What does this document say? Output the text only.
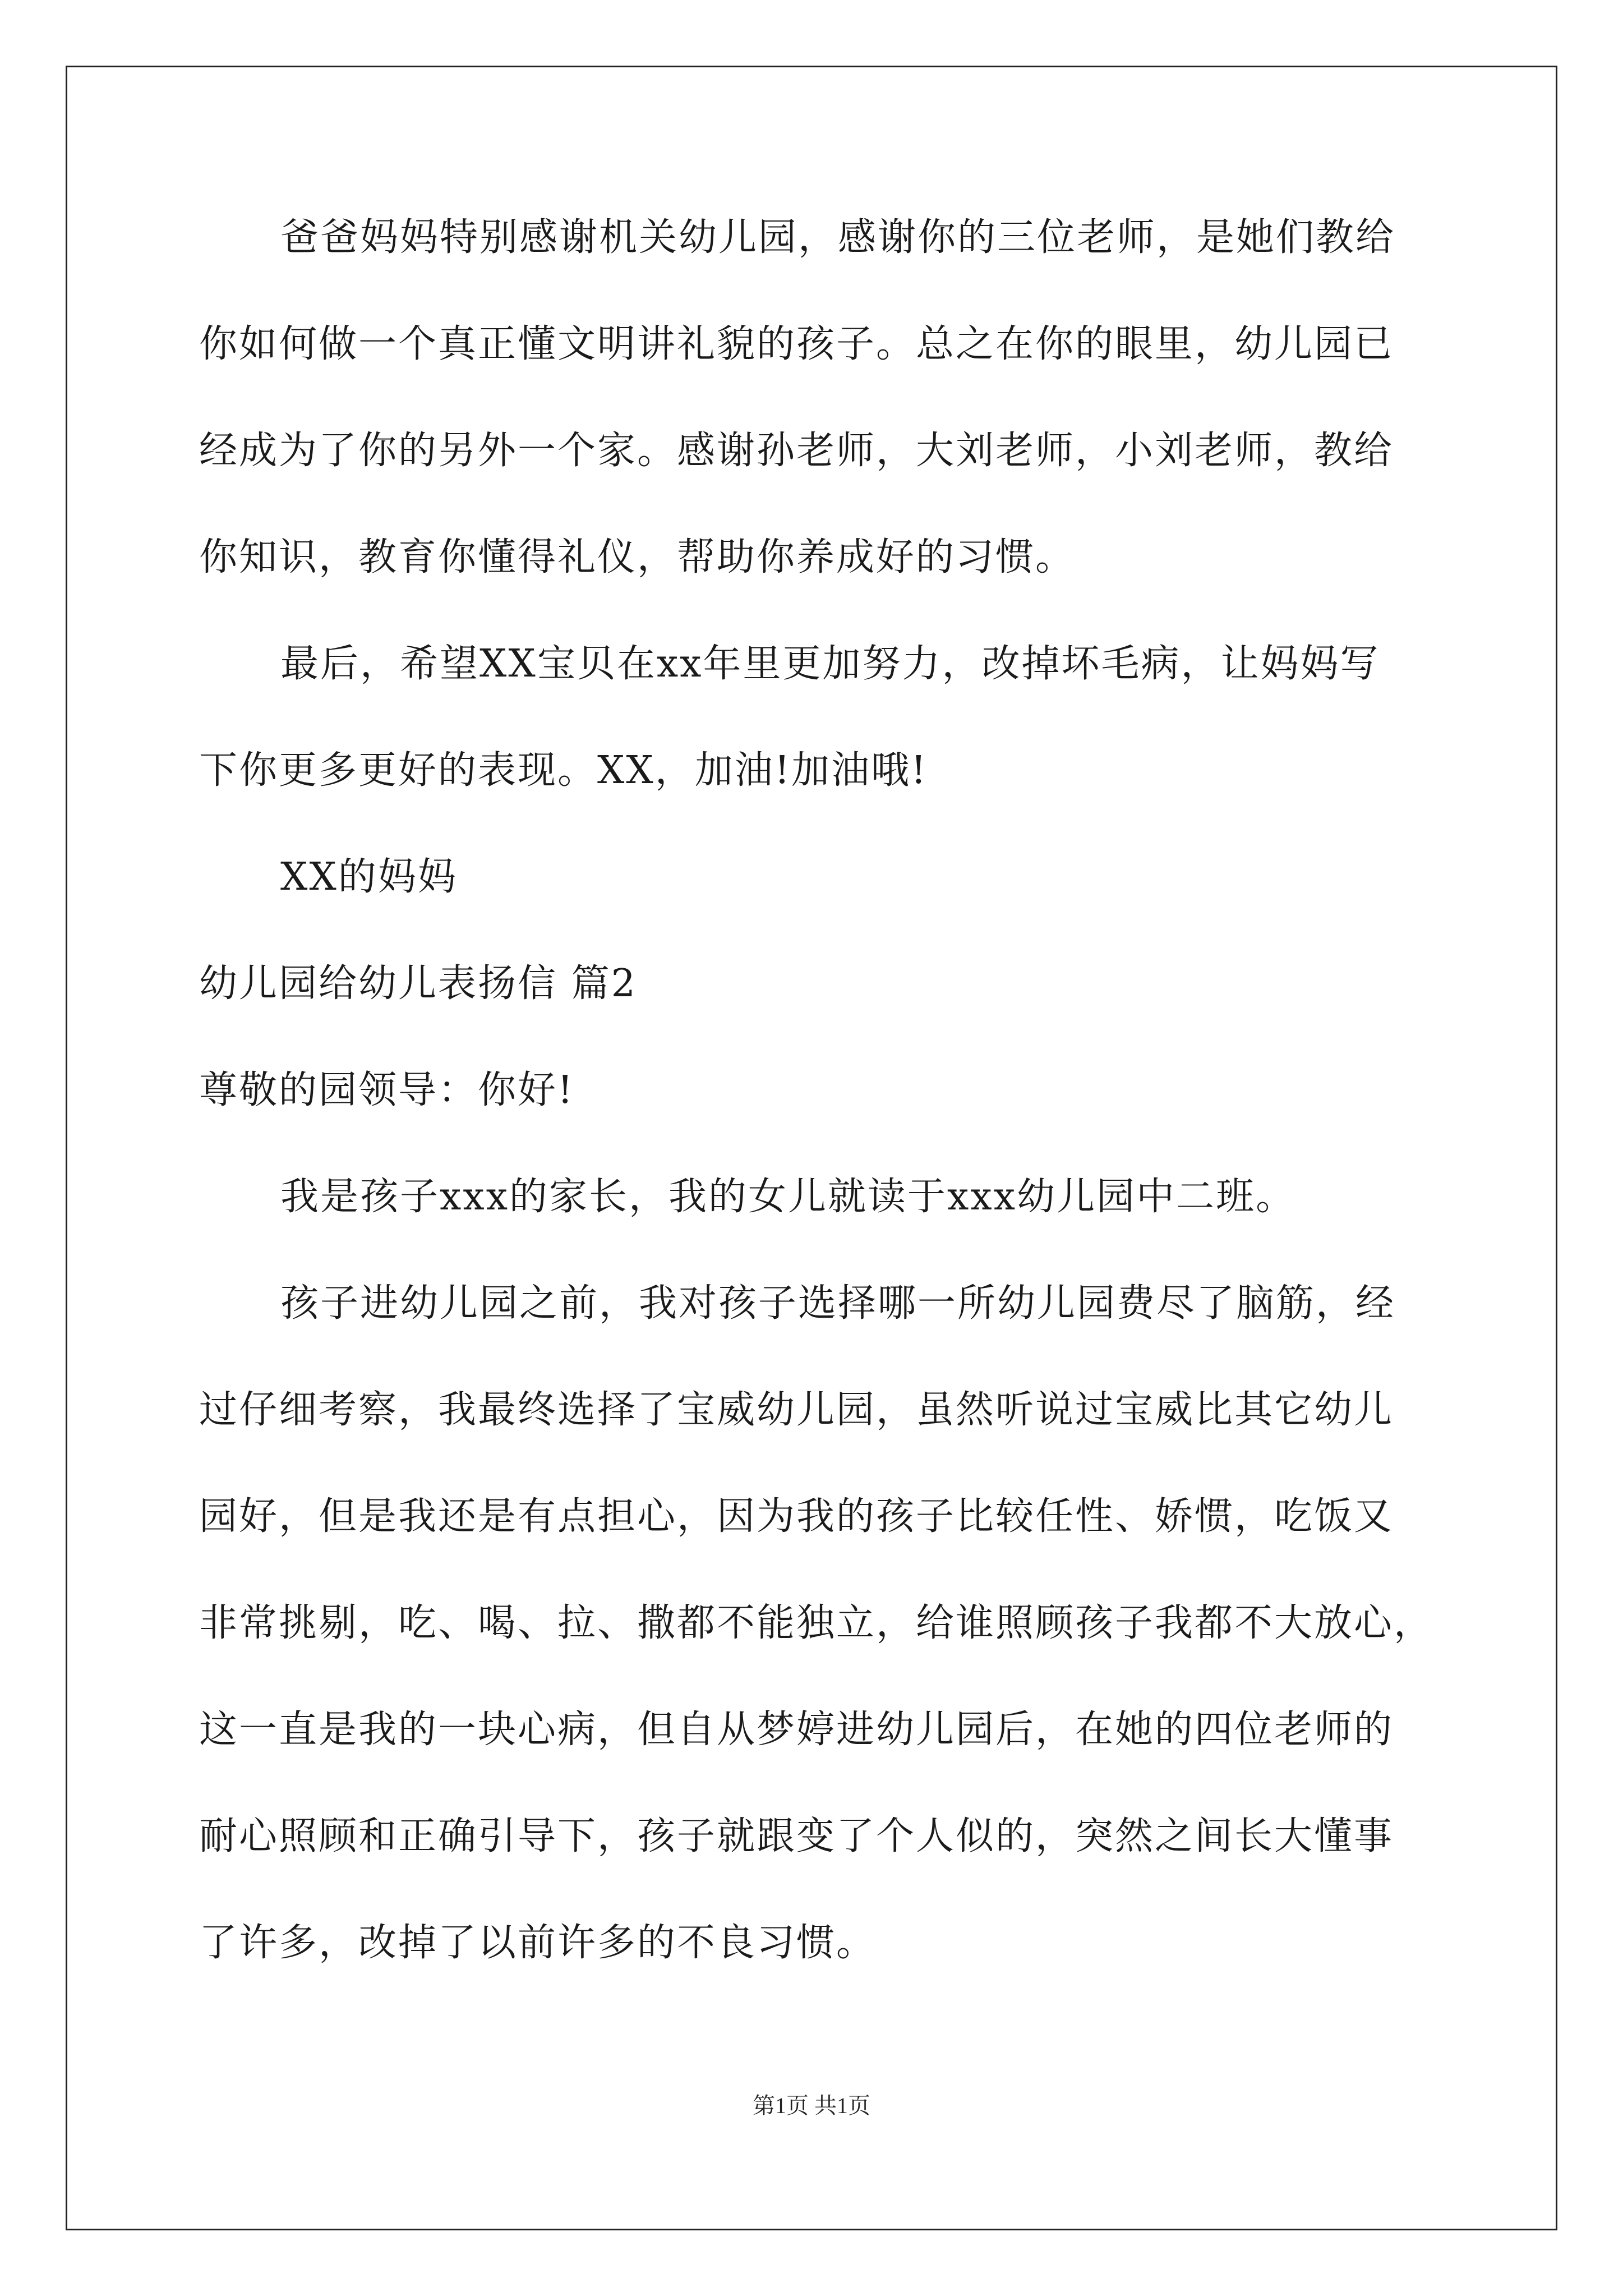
爸爸妈妈特别感谢机关幼儿园，感谢你的三位老师，是她们教给
你如何做一个真正懂文明讲礼貌的孩子。总之在你的眼里，幼儿园已
经成为了你的另外一个家。感谢孙老师，大刘老师，小刘老师，教给
你知识，教育你懂得礼仪，帮助你养成好的习惯。
最后，希望XX宝贝在xx年里更加努力，改掉坏毛病，让妈妈写
下你更多更好的表现。XX，加油!加油哦!
XX的妈妈
幼儿园给幼儿表扬信 篇2
尊敬的园领导：你好!
我是孩子xxx的家长，我的女儿就读于xxx幼儿园中二班。
孩子进幼儿园之前，我对孩子选择哪一所幼儿园费尽了脑筋，经
过仔细考察，我最终选择了宝威幼儿园，虽然听说过宝威比其它幼儿
园好，但是我还是有点担心，因为我的孩子比较任性、娇惯，吃饭又
非常挑剔，吃、喝、拉、撒都不能独立，给谁照顾孩子我都不大放心，
这一直是我的一块心病，但自从梦婷进幼儿园后，在她的四位老师的
耐心照顾和正确引导下，孩子就跟变了个人似的，突然之间长大懂事
了许多，改掉了以前许多的不良习惯。
第1页 共1页
